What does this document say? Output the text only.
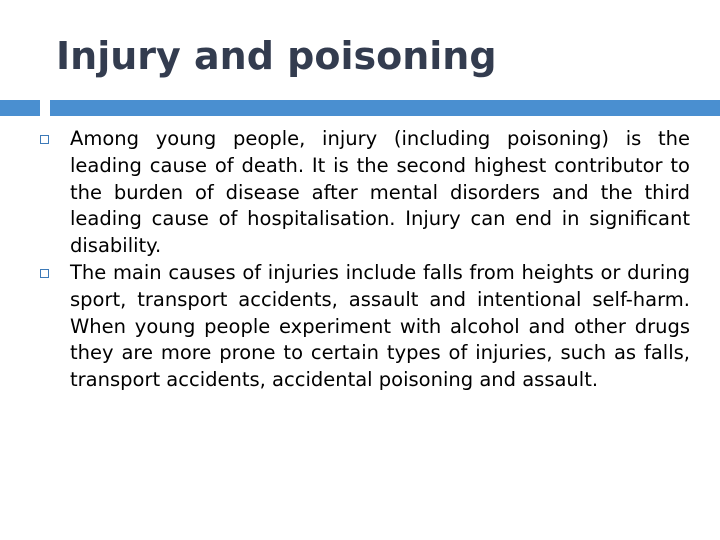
Injury and poisoning
Among young people, injury (including poisoning) is the leading cause of death. It is the second highest contributor to the burden of disease after mental disorders and the third leading cause of hospitalisation. Injury can end in significant disability.
The main causes of injuries include falls from heights or during sport, transport accidents, assault and intentional self-harm. When young people experiment with alcohol and other drugs they are more prone to certain types of injuries, such as falls, transport accidents, accidental poisoning and assault.
